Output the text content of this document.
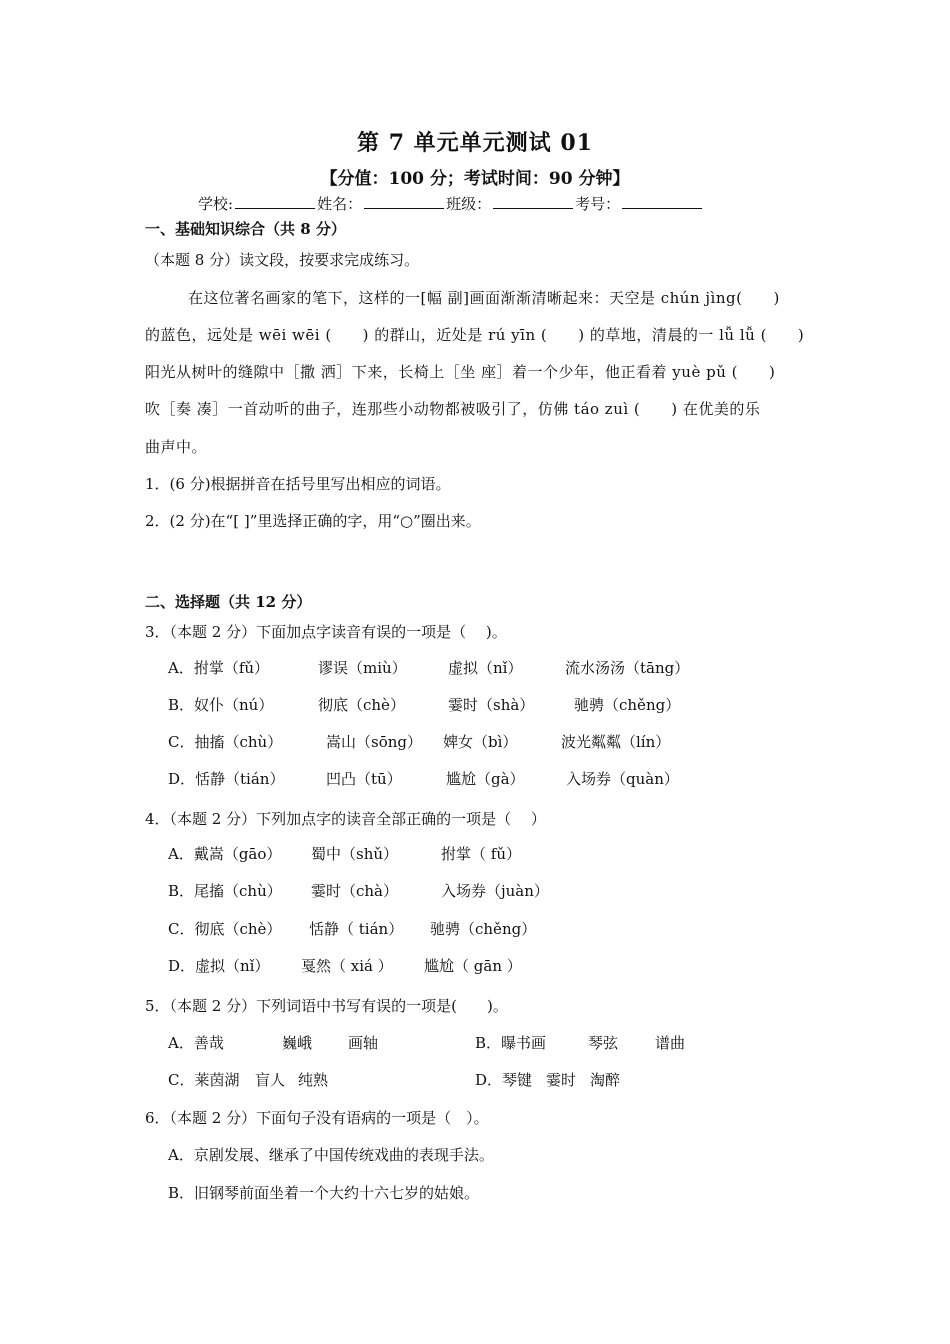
第 7 单元单元测试 01
【分值：100 分；考试时间：90 分钟】
学校:	姓名：	班级：	考号：
一、基础知识综合（共 8 分）
（本题 8 分）读文段，按要求完成练习。
在这位著名画家的笔下，这样的一[幅 副]画面渐渐清晰起来：天空是 chún jìng(　　)
的蓝色，远处是 wēi wēi (　　) 的群山，近处是 rú yīn (　　) 的草地，清晨的一 lǚ lǚ (　　)
阳光从树叶的缝隙中［撒 洒］下来，长椅上［坐 座］着一个少年，他正看着 yuè pǔ (　　)
吹［奏 凑］一首动听的曲子，连那些小动物都被吸引了，仿佛 táo zuì (　　) 在优美的乐
曲声中。
1．(6 分)根据拼音在括号里写出相应的词语。
2．(2 分)在“[ ]”里选择正确的字，用“○”圈出来。
二、选择题（共 12 分）
3．（本题 2 分）下面加点字读音有误的一项是（　 )。
A．拊掌（fǔ）	谬误（miù）	虚拟（nǐ）	流水汤汤（tāng）
B．奴仆（nú）	彻底（chè）	霎时（shà）	驰骋（chěng）
C．抽搐（chù）	嵩山（sōng） 婢女（bì）	波光粼粼（lín）
D．恬静（tián）	凹凸（tū）	尴尬（gà）	入场券（quàn）
4．（本题 2 分）下列加点字的读音全部正确的一项是（　 ）
A．戴嵩（gāo） 蜀中（shǔ）	拊掌（ fǔ）
B．尾搐（chù） 霎时（chà）	入场券（juàn）
C．彻底（chè） 恬静（ tián） 驰骋（chěng）
D．虚拟（nǐ） 戛然（ xiá ） 尴尬（ gān ）
5．（本题 2 分）下列词语中书写有误的一项是(　　)。
A．善哉	巍峨 画轴	B．曝书画	琴弦 谱曲
C．莱茵湖 盲人 纯熟	D．琴键 霎时 淘醉
6．（本题 2 分）下面句子没有语病的一项是（　）。
A．京剧发展、继承了中国传统戏曲的表现手法。
B．旧钢琴前面坐着一个大约十六七岁的姑娘。
